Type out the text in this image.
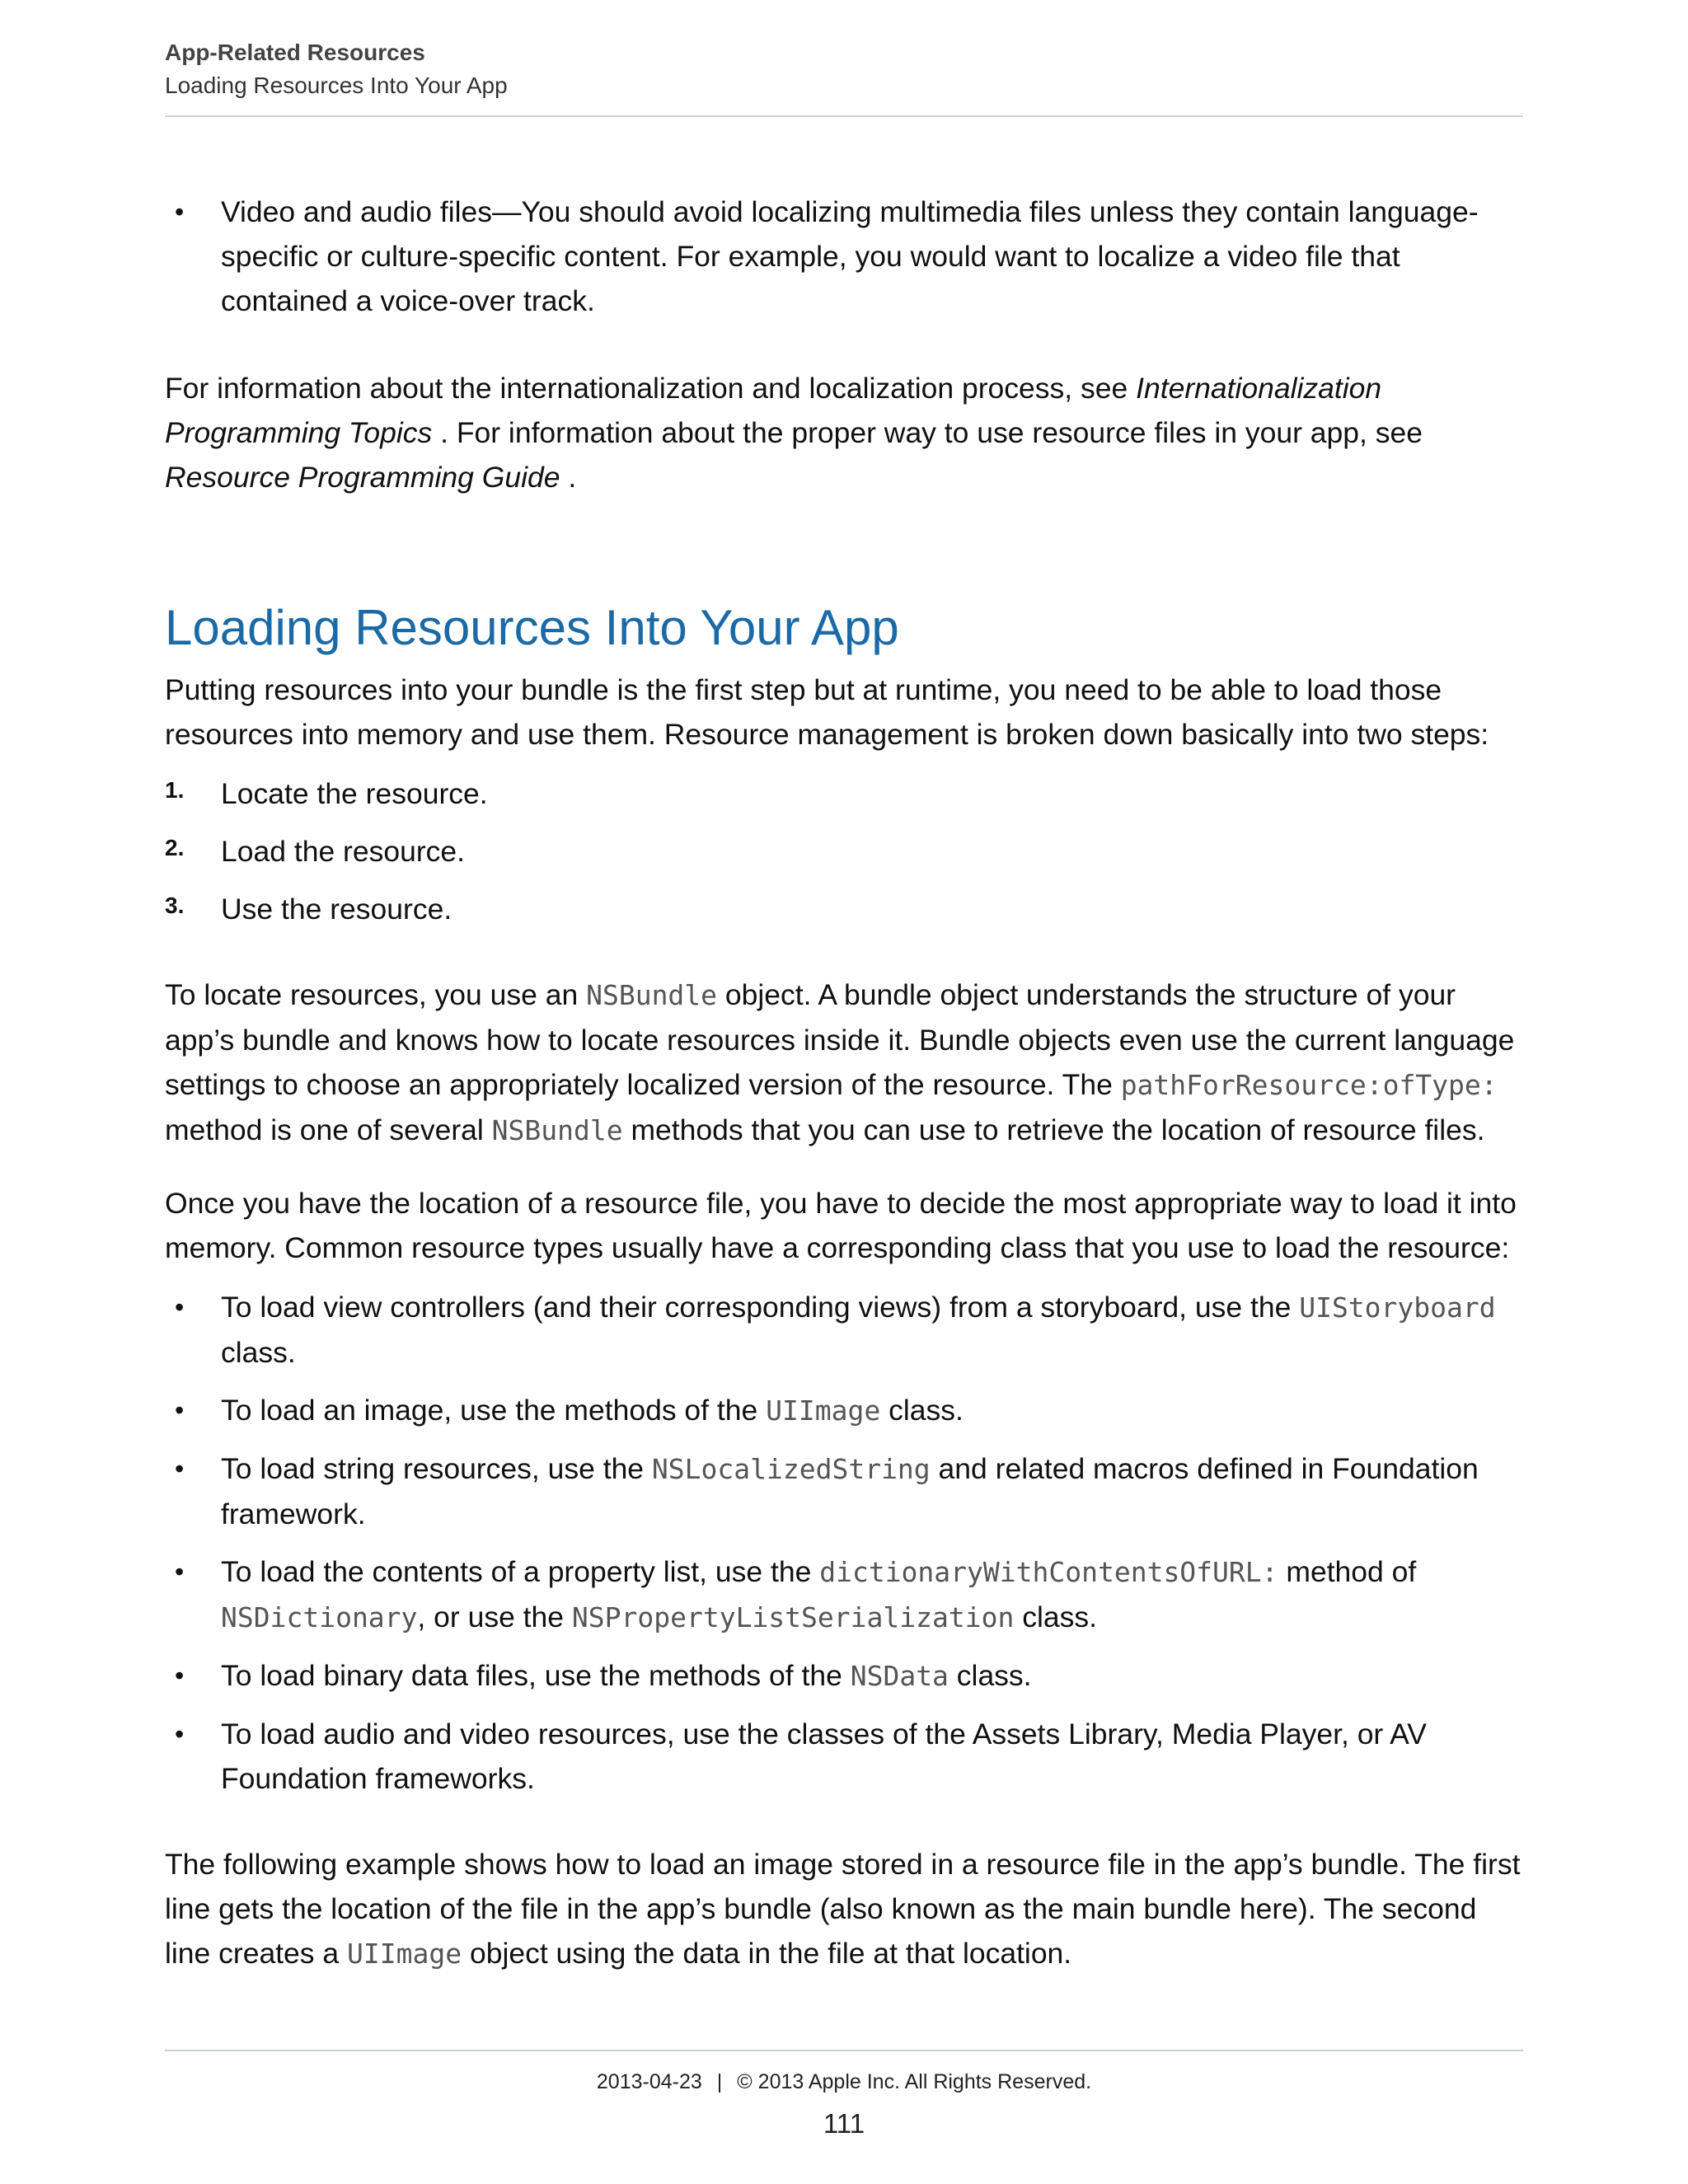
App-Related Resources
Loading Resources Into Your App
• Video and audio files—You should avoid localizing multimedia files unless they contain language-specific or culture-specific content. For example, you would want to localize a video file that contained a voice-over track.

For information about the internationalization and localization process, see Internationalization Programming Topics . For information about the proper way to use resource files in your app, see Resource Programming Guide .

Loading Resources Into Your App

Putting resources into your bundle is the first step but at runtime, you need to be able to load those resources into memory and use them. Resource management is broken down basically into two steps:

1. Locate the resource.
2. Load the resource.
3. Use the resource.

To locate resources, you use an NSBundle object. A bundle object understands the structure of your app’s bundle and knows how to locate resources inside it. Bundle objects even use the current language settings to choose an appropriately localized version of the resource. The pathForResource:ofType: method is one of several NSBundle methods that you can use to retrieve the location of resource files.

Once you have the location of a resource file, you have to decide the most appropriate way to load it into memory. Common resource types usually have a corresponding class that you use to load the resource:

• To load view controllers (and their corresponding views) from a storyboard, use the UIStoryboard class.
• To load an image, use the methods of the UIImage class.
• To load string resources, use the NSLocalizedString and related macros defined in Foundation framework.
• To load the contents of a property list, use the dictionaryWithContentsOfURL: method of NSDictionary, or use the NSPropertyListSerialization class.
• To load binary data files, use the methods of the NSData class.
• To load audio and video resources, use the classes of the Assets Library, Media Player, or AV Foundation frameworks.

The following example shows how to load an image stored in a resource file in the app’s bundle. The first line gets the location of the file in the app’s bundle (also known as the main bundle here). The second line creates a UIImage object using the data in the file at that location.

2013-04-23 | © 2013 Apple Inc. All Rights Reserved.
111
